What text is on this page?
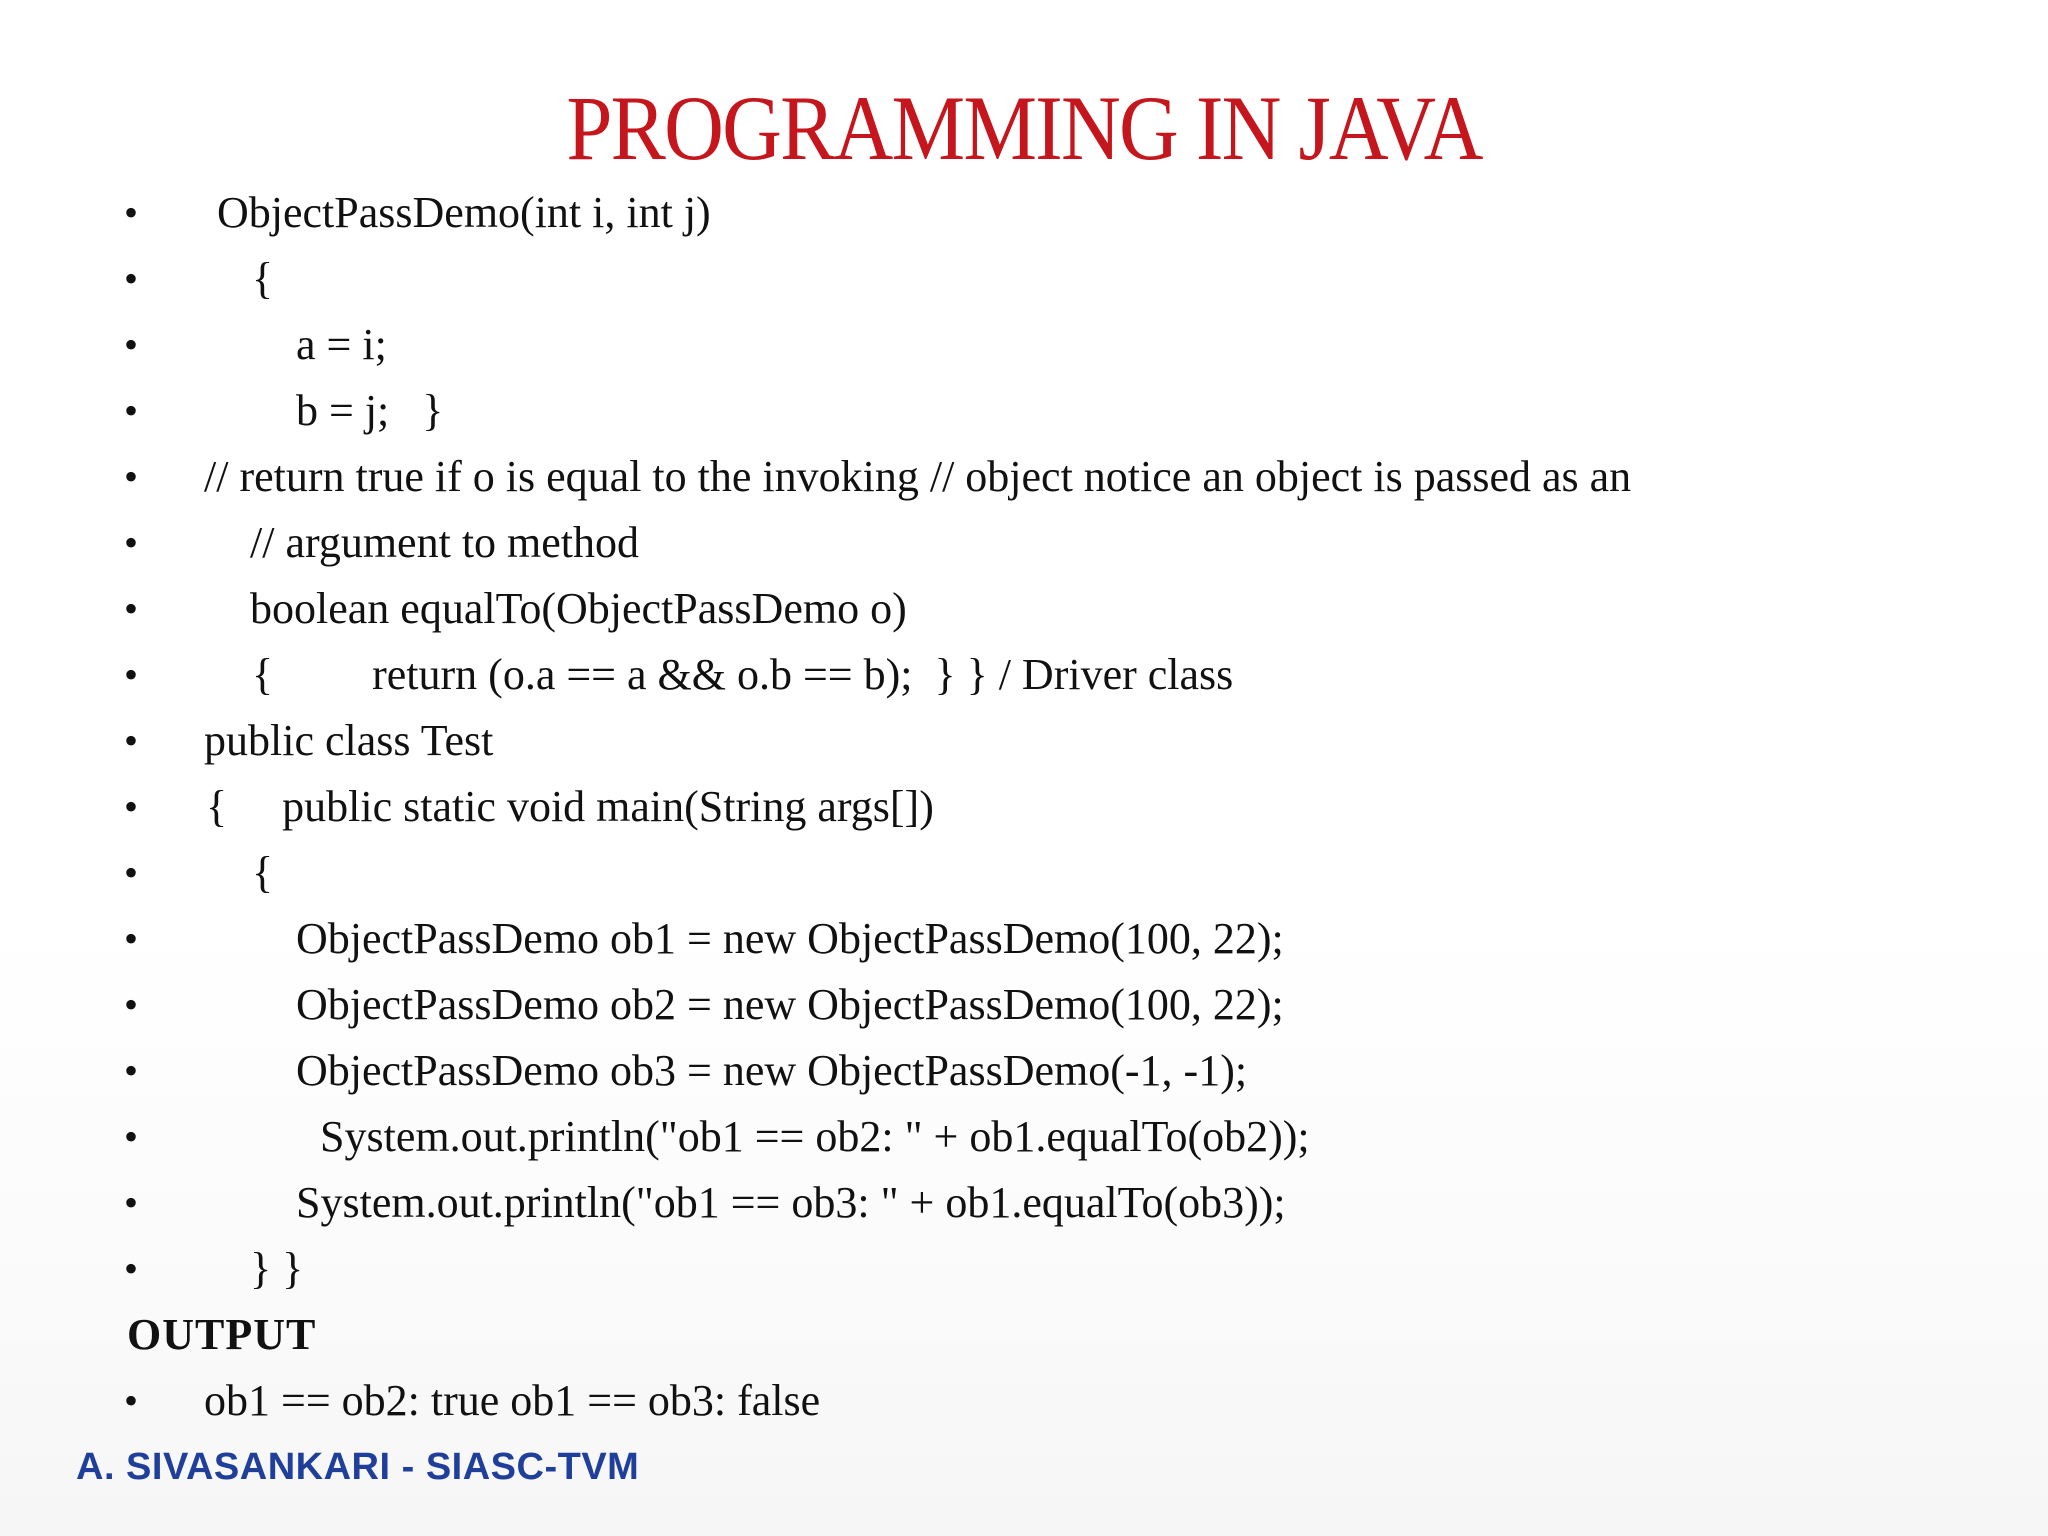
PROGRAMMING IN JAVA
• ObjectPassDemo(int i, int j)
•	{
•	a = i;
•	b = j;   }
• // return true if o is equal to the invoking // object notice an object is passed as an
•	// argument to method
•	boolean equalTo(ObjectPassDemo o)
•	{         return (o.a == a && o.b == b);  } } / Driver class
• public class Test
• {     public static void main(String args[])
•	{
•	ObjectPassDemo ob1 = new ObjectPassDemo(100, 22);
•	ObjectPassDemo ob2 = new ObjectPassDemo(100, 22);
•	ObjectPassDemo ob3 = new ObjectPassDemo(-1, -1);
•	System.out.println("ob1 == ob2: " + ob1.equalTo(ob2));
•	System.out.println("ob1 == ob3: " + ob1.equalTo(ob3));
•	} }
OUTPUT
• ob1 == ob2: true ob1 == ob3: false
A. SIVASANKARI - SIASC-TVM
